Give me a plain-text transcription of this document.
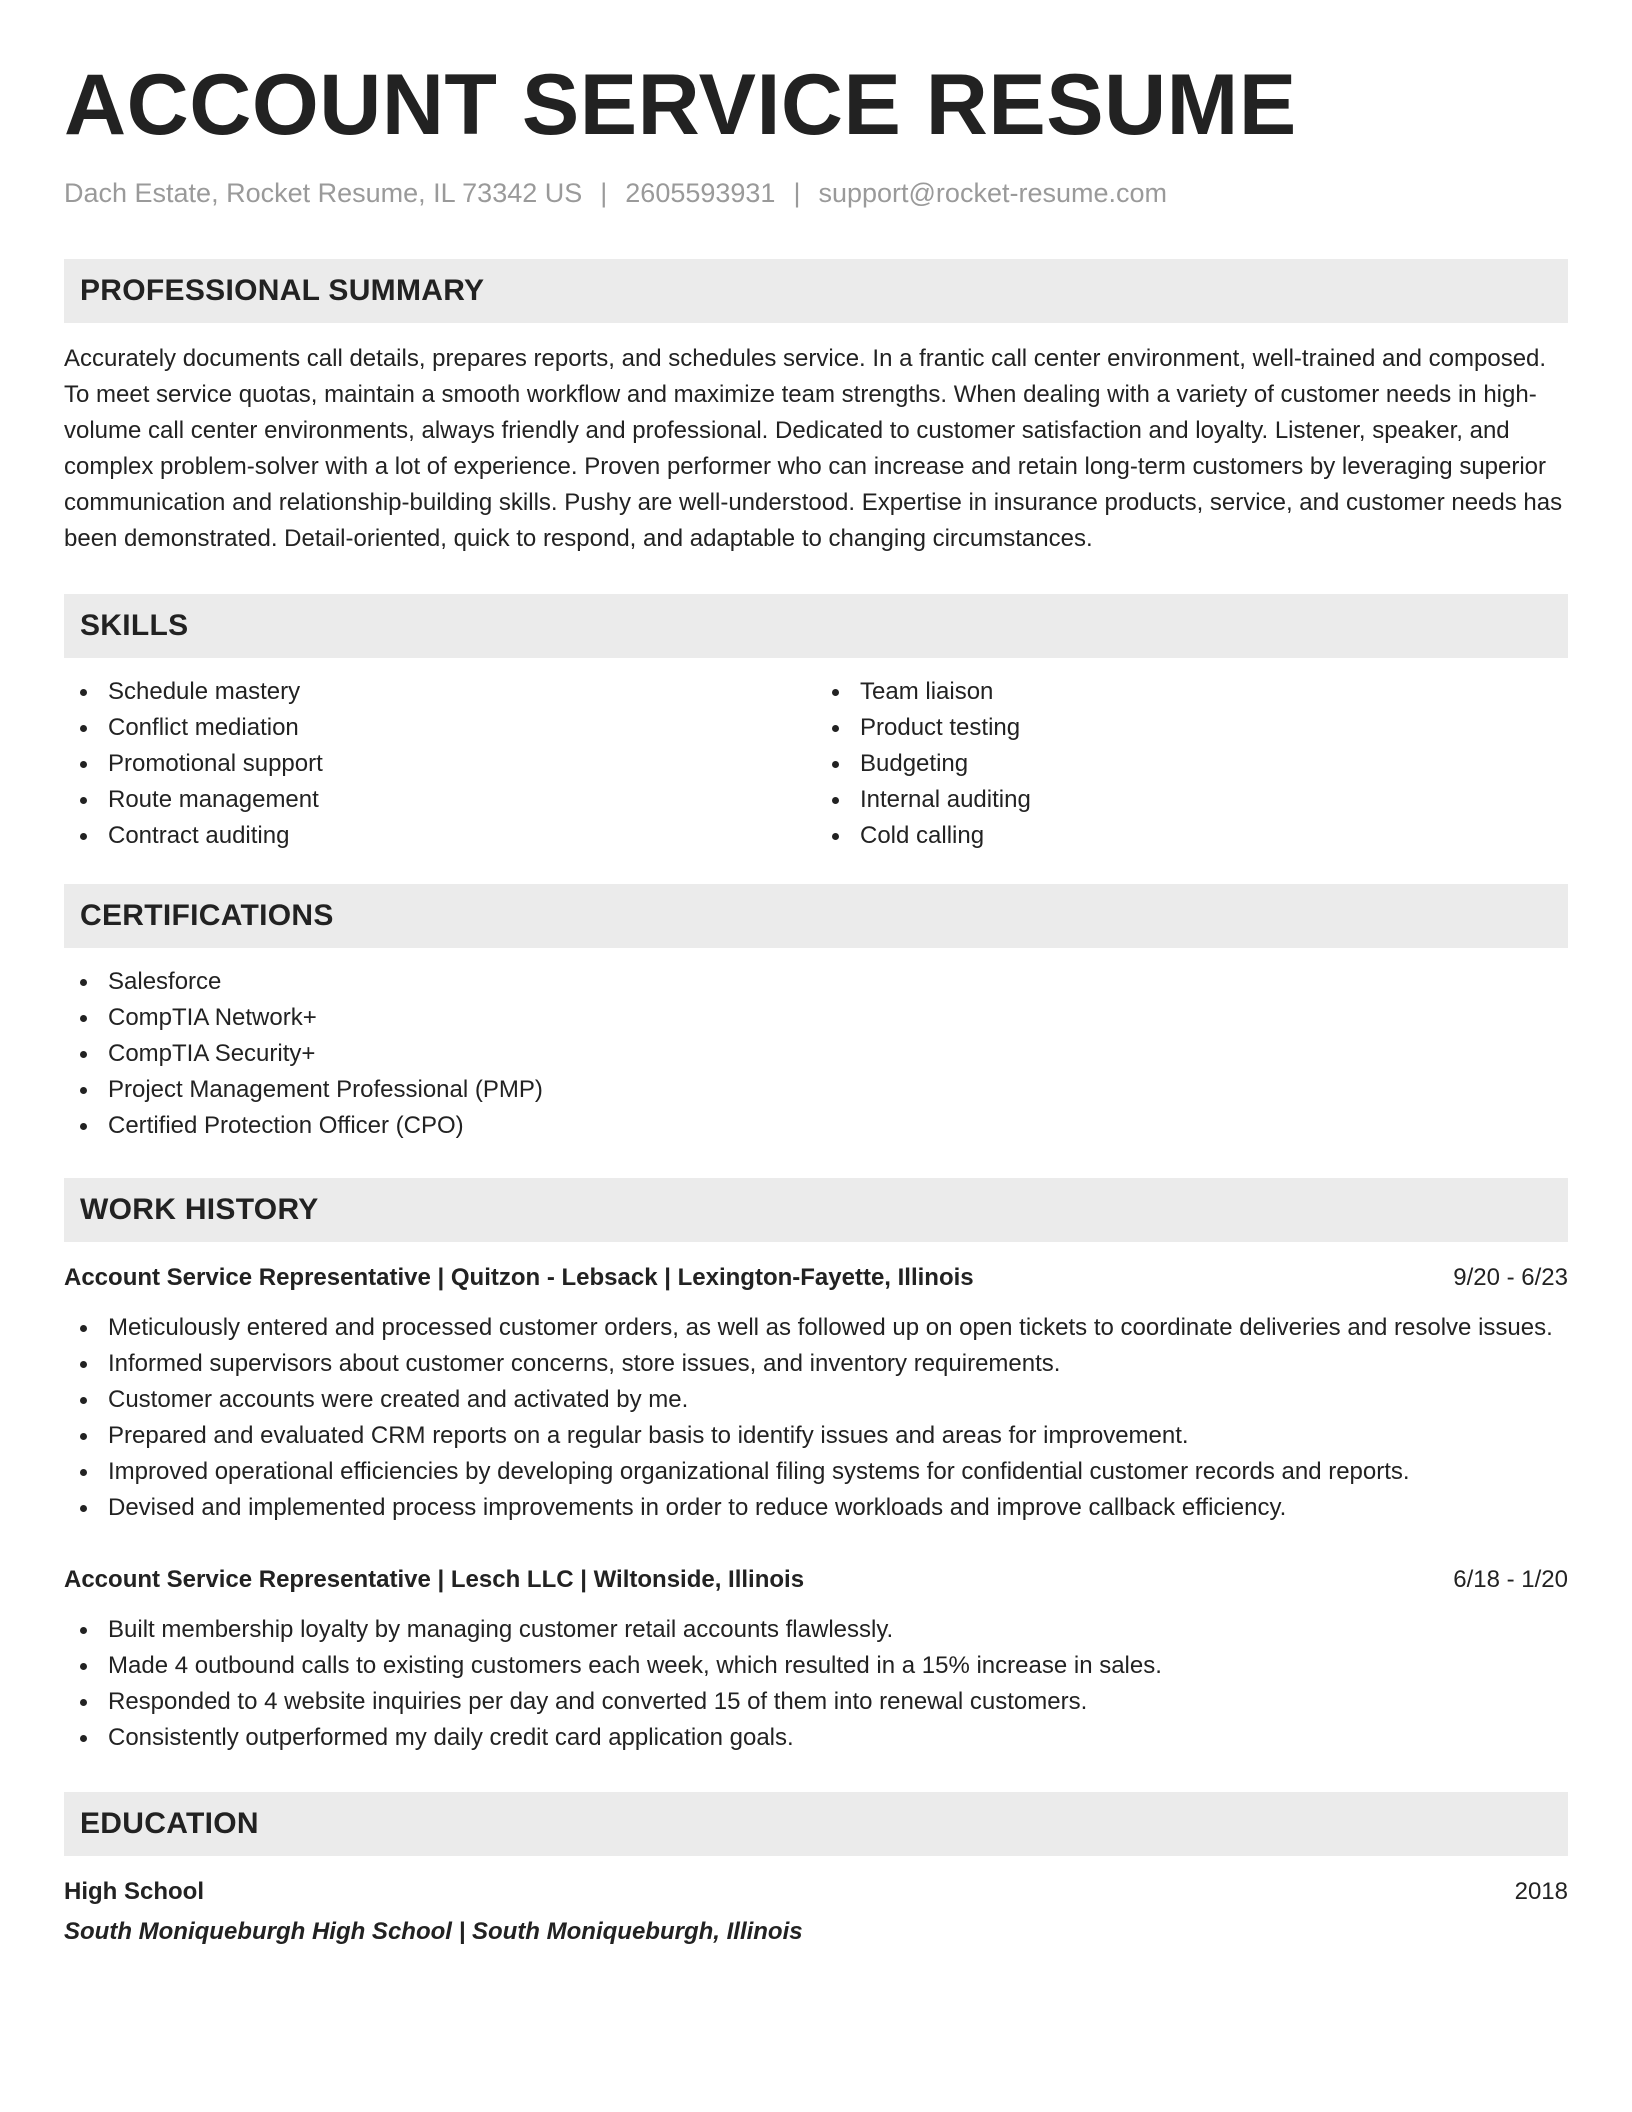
ACCOUNT SERVICE RESUME
Dach Estate, Rocket Resume, IL 73342 US | 2605593931 | support@rocket-resume.com
PROFESSIONAL SUMMARY
Accurately documents call details, prepares reports, and schedules service. In a frantic call center environment, well-trained and composed. To meet service quotas, maintain a smooth workflow and maximize team strengths. When dealing with a variety of customer needs in high-volume call center environments, always friendly and professional. Dedicated to customer satisfaction and loyalty. Listener, speaker, and complex problem-solver with a lot of experience. Proven performer who can increase and retain long-term customers by leveraging superior communication and relationship-building skills. Pushy are well-understood. Expertise in insurance products, service, and customer needs has been demonstrated. Detail-oriented, quick to respond, and adaptable to changing circumstances.
SKILLS
Schedule mastery
Conflict mediation
Promotional support
Route management
Contract auditing
Team liaison
Product testing
Budgeting
Internal auditing
Cold calling
CERTIFICATIONS
Salesforce
CompTIA Network+
CompTIA Security+
Project Management Professional (PMP)
Certified Protection Officer (CPO)
WORK HISTORY
Account Service Representative | Quitzon - Lebsack | Lexington-Fayette, Illinois	9/20 - 6/23
Meticulously entered and processed customer orders, as well as followed up on open tickets to coordinate deliveries and resolve issues.
Informed supervisors about customer concerns, store issues, and inventory requirements.
Customer accounts were created and activated by me.
Prepared and evaluated CRM reports on a regular basis to identify issues and areas for improvement.
Improved operational efficiencies by developing organizational filing systems for confidential customer records and reports.
Devised and implemented process improvements in order to reduce workloads and improve callback efficiency.
Account Service Representative | Lesch LLC | Wiltonside, Illinois	6/18 - 1/20
Built membership loyalty by managing customer retail accounts flawlessly.
Made 4 outbound calls to existing customers each week, which resulted in a 15% increase in sales.
Responded to 4 website inquiries per day and converted 15 of them into renewal customers.
Consistently outperformed my daily credit card application goals.
EDUCATION
High School	2018
South Moniqueburgh High School | South Moniqueburgh, Illinois
